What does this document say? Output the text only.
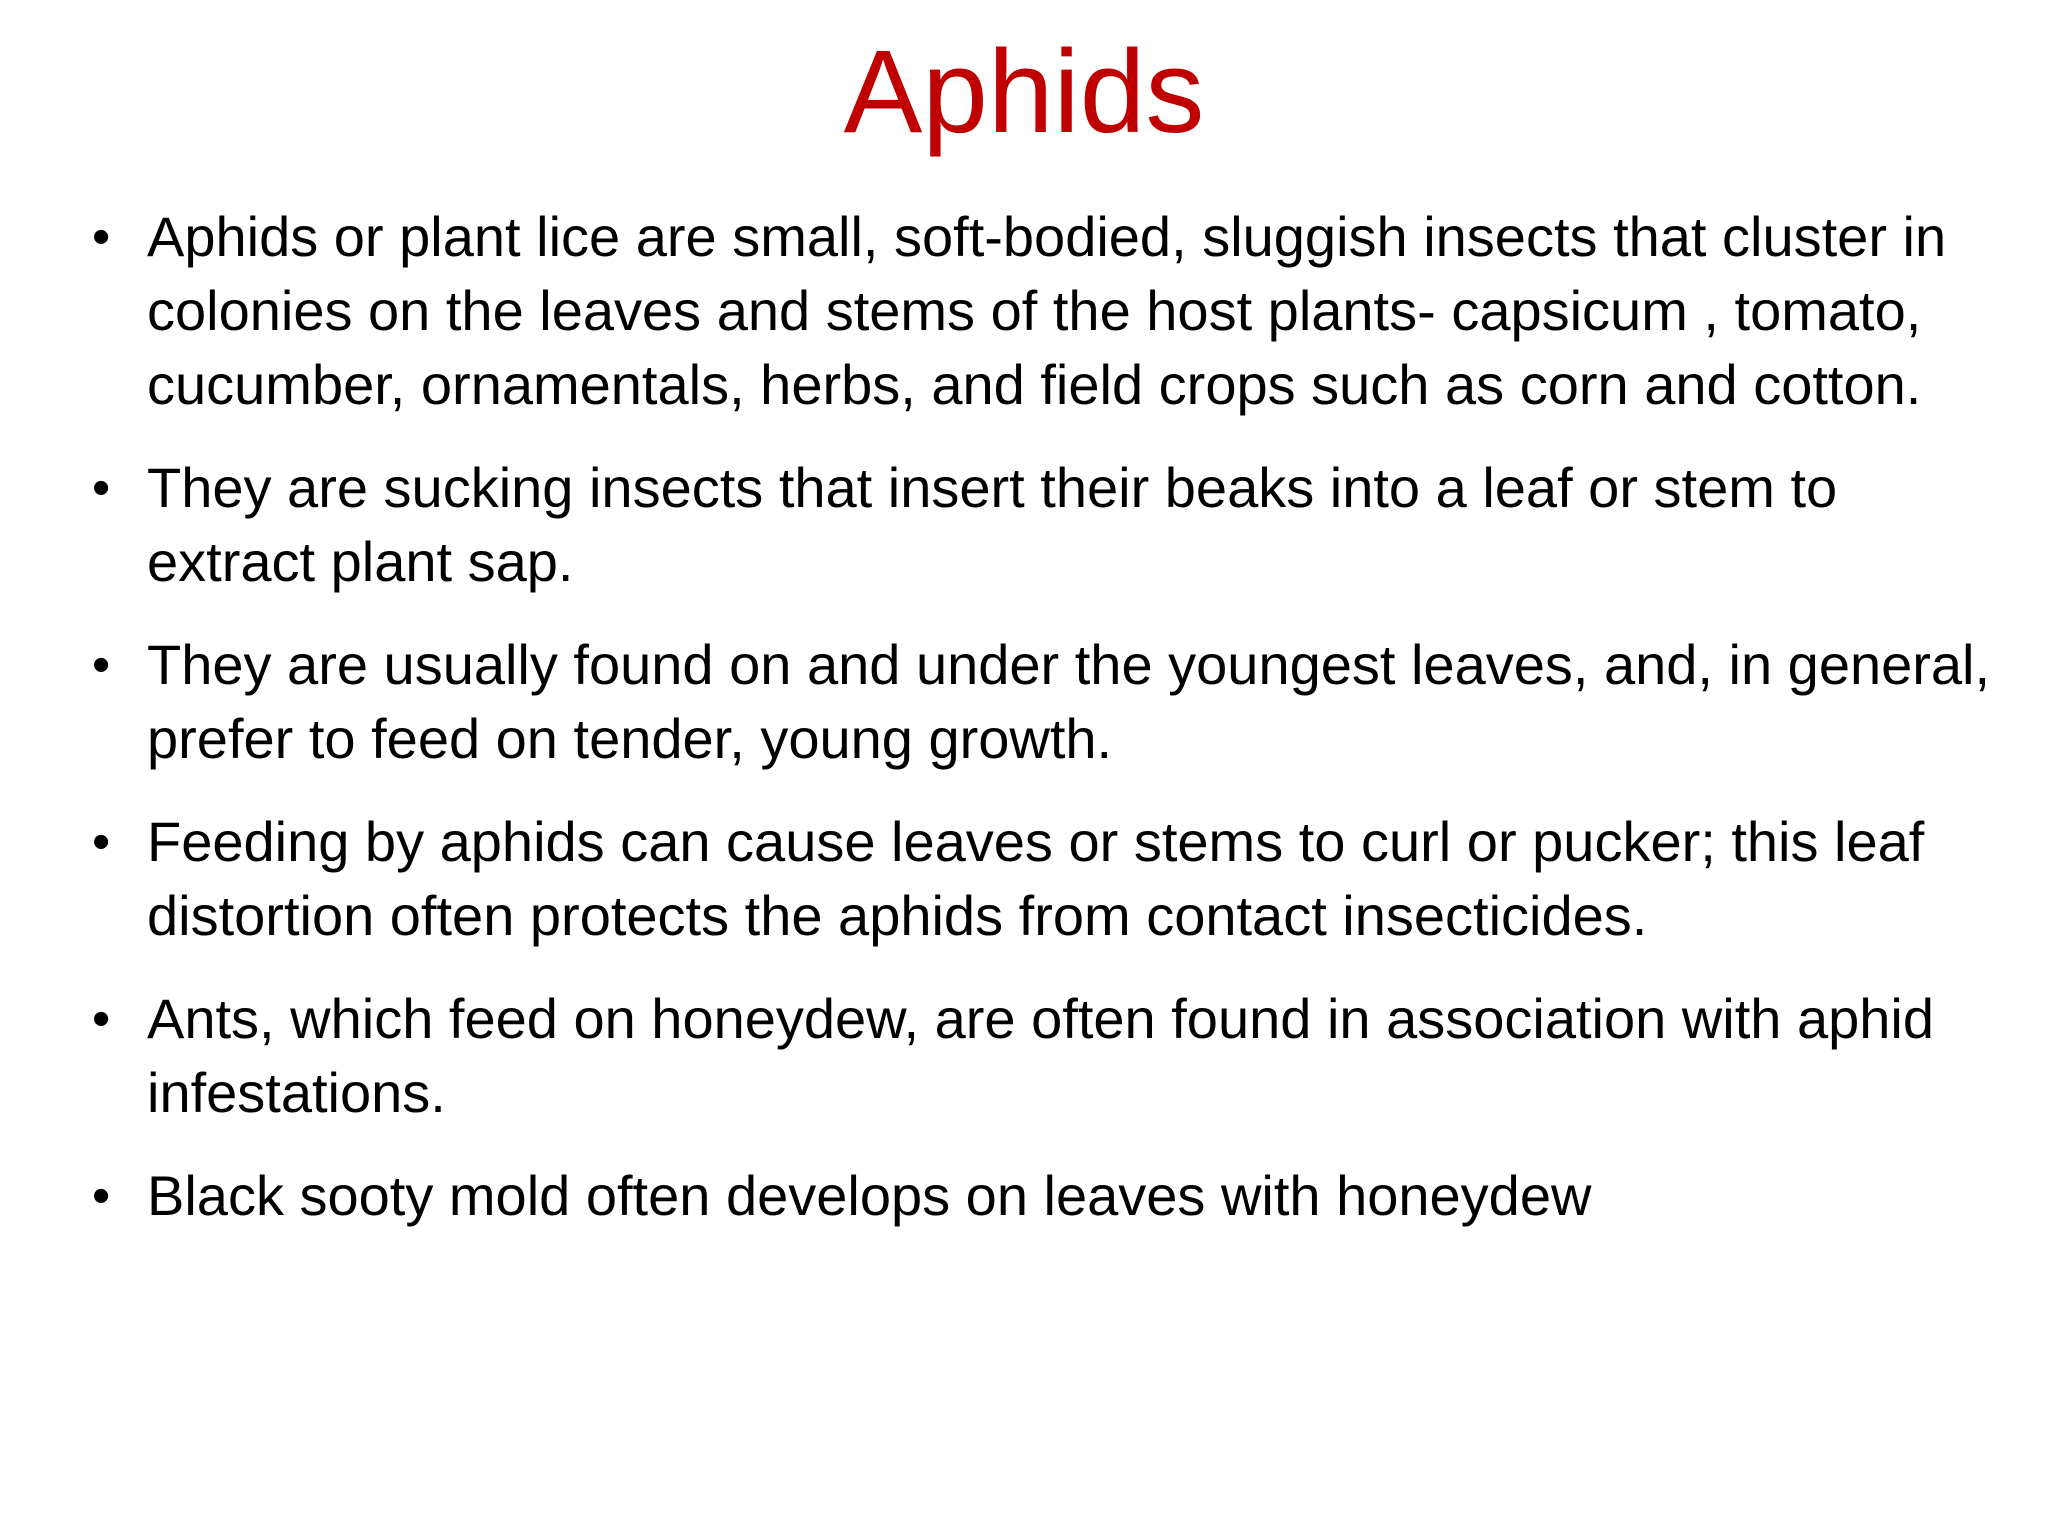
Aphids
• Aphids or plant lice are small, soft-bodied, sluggish insects that cluster in colonies on the leaves and stems of the host plants- capsicum , tomato, cucumber, ornamentals, herbs, and field crops such as corn and cotton.
• They are sucking insects that insert their beaks into a leaf or stem to extract plant sap.
• They are usually found on and under the youngest leaves, and, in general, prefer to feed on tender, young growth.
• Feeding by aphids can cause leaves or stems to curl or pucker; this leaf distortion often protects the aphids from contact insecticides.
• Ants, which feed on honeydew, are often found in association with aphid infestations.
• Black sooty mold often develops on leaves with honeydew
